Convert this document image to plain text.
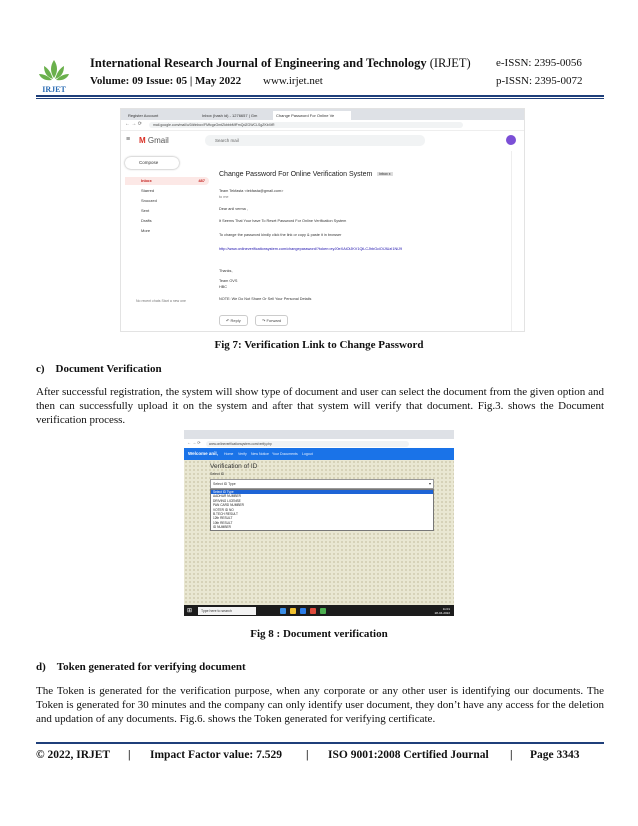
IRJET
International Research Journal of Engineering and Technology (IRJET) e-ISSN: 2395-0056
Volume: 09 Issue: 05 | May 2022 www.irjet.net	p-ISSN: 2395-0072
Register Account	Inbox (hash id) - 1276657 | Gm	Change Password For Online Ve
← → ⟳	mail.google.com/mail/u/0/#inbox/FMfcgzGmtZkbbbMfFmQdZGWCLSgZKbXtR
≡ M Gmail	Search mail
Compose
Inbox	487
Starred
Snoozed
Sent
Drafts
More
No recent chats Start a new one
Change Password For Online Verification System Inbox x
Team Tekfasta <tekfasta@gmail.com>
to me
Dear anil verma ,
It Seems That Your have To Reset Password For Online Verification System
To change the password kindly click the link or copy & paste it in browser
http://www.onlineverificationsystem.com/changepassword/?token=eyJ0eXAiOiJKV1QiLCJhbGciOiJIUzI1NiJ9
Thanks,
Team OVS
HBC
NOTE: We Do Not Share Or Sell Your Personal Details
↶ Reply	↷ Forward
Fig 7: Verification Link to Change Password
c)    Document Verification
After successful registration, the system will show type of document and user can select the document from the given option and then can successfully upload it on the system and after that system will verify that document. Fig.3. shows the Document verification process.
← → ⟳	www.onlineverificationsystem.com/verify.php
Welcome anil, Home Verify New Notice Your Documents Logout
Verification of ID
Select ID
Select ID Type	▾
Select ID Type
AADHAR NUMBER
DRIVING LICENSE
PAN CARD NUMBER
VOTER ID NO
B.TECH RESULT
12th RESULT
10th RESULT
ID NUMBER
⊞	Type here to search	11:01
28-04-2022
Fig 8 : Document verification
d)    Token generated for verifying document
The Token is generated for the verification purpose, when any corporate or any other user is identifying our documents. The Token is generated for 30 minutes and the company can only identify user document, they don’t have any access for the deletion and updation of any documents. Fig.6. shows the Token generated for verifying certificate.
© 2022, IRJET | Impact Factor value: 7.529 | ISO 9001:2008 Certified Journal | Page 3343
